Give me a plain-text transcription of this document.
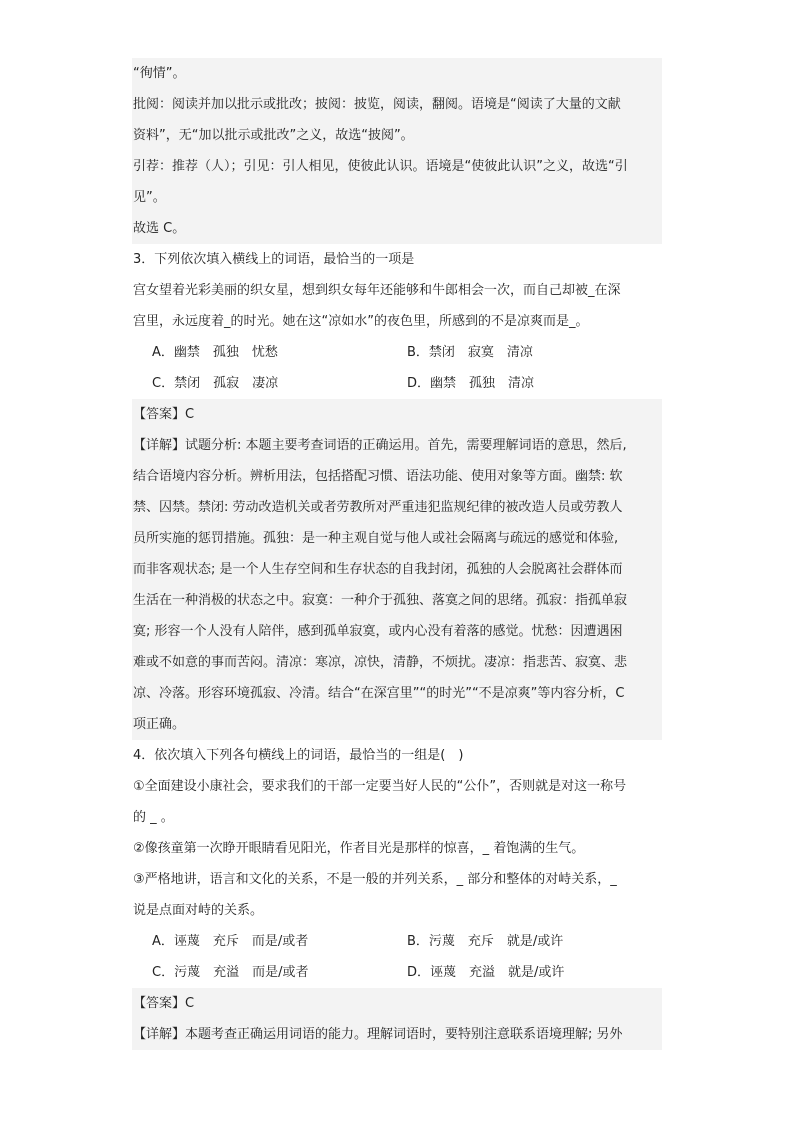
“徇情”。
批阅：阅读并加以批示或批改；披阅：披览，阅读，翻阅。语境是“阅读了大量的文献
资料”，无“加以批示或批改”之义，故选“披阅”。
引荐：推荐（人）；引见：引人相见，使彼此认识。语境是“使彼此认识”之义，故选“引
见”。
故选 C。
3．下列依次填入横线上的词语，最恰当的一项是
宫女望着光彩美丽的织女星，想到织女每年还能够和牛郎相会一次，而自己却被_在深
宫里，永远度着_的时光。她在这“凉如水”的夜色里，所感到的不是凉爽而是_。
A．幽禁　孤独　忧愁	B．禁闭　寂寞　清凉
C．禁闭　孤寂　凄凉	D．幽禁　孤独　清凉
【答案】C
【详解】试题分析: 本题主要考查词语的正确运用。首先，需要理解词语的意思，然后,
结合语境内容分析。辨析用法，包括搭配习惯、语法功能、使用对象等方面。幽禁: 软
禁、囚禁。禁闭: 劳动改造机关或者劳教所对严重违犯监规纪律的被改造人员或劳教人
员所实施的惩罚措施。孤独：是一种主观自觉与他人或社会隔离与疏远的感觉和体验,
而非客观状态; 是一个人生存空间和生存状态的自我封闭，孤独的人会脱离社会群体而
生活在一种消极的状态之中。寂寞：一种介于孤独、落寞之间的思绪。孤寂：指孤单寂
寞; 形容一个人没有人陪伴，感到孤单寂寞，或内心没有着落的感觉。忧愁：因遭遇困
难或不如意的事而苦闷。清凉：寒凉，凉快，清静，不烦扰。凄凉：指悲苦、寂寞、悲
凉、冷落。形容环境孤寂、冷清。结合“在深宫里”“的时光”“不是凉爽”等内容分析，C
项正确。
4．依次填入下列各句横线上的词语，最恰当的一组是(　)
①全面建设小康社会，要求我们的干部一定要当好人民的“公仆”，否则就是对这一称号
的 _ 。
②像孩童第一次睁开眼睛看见阳光，作者目光是那样的惊喜，_ 着饱满的生气。
③严格地讲，语言和文化的关系，不是一般的并列关系，_ 部分和整体的对峙关系，_
说是点面对峙的关系。
A．诬蔑　充斥　而是/或者	B．污蔑　充斥　就是/或许
C．污蔑　充溢　而是/或者	D．诬蔑　充溢　就是/或许
【答案】C
【详解】本题考查正确运用词语的能力。理解词语时，要特别注意联系语境理解; 另外
